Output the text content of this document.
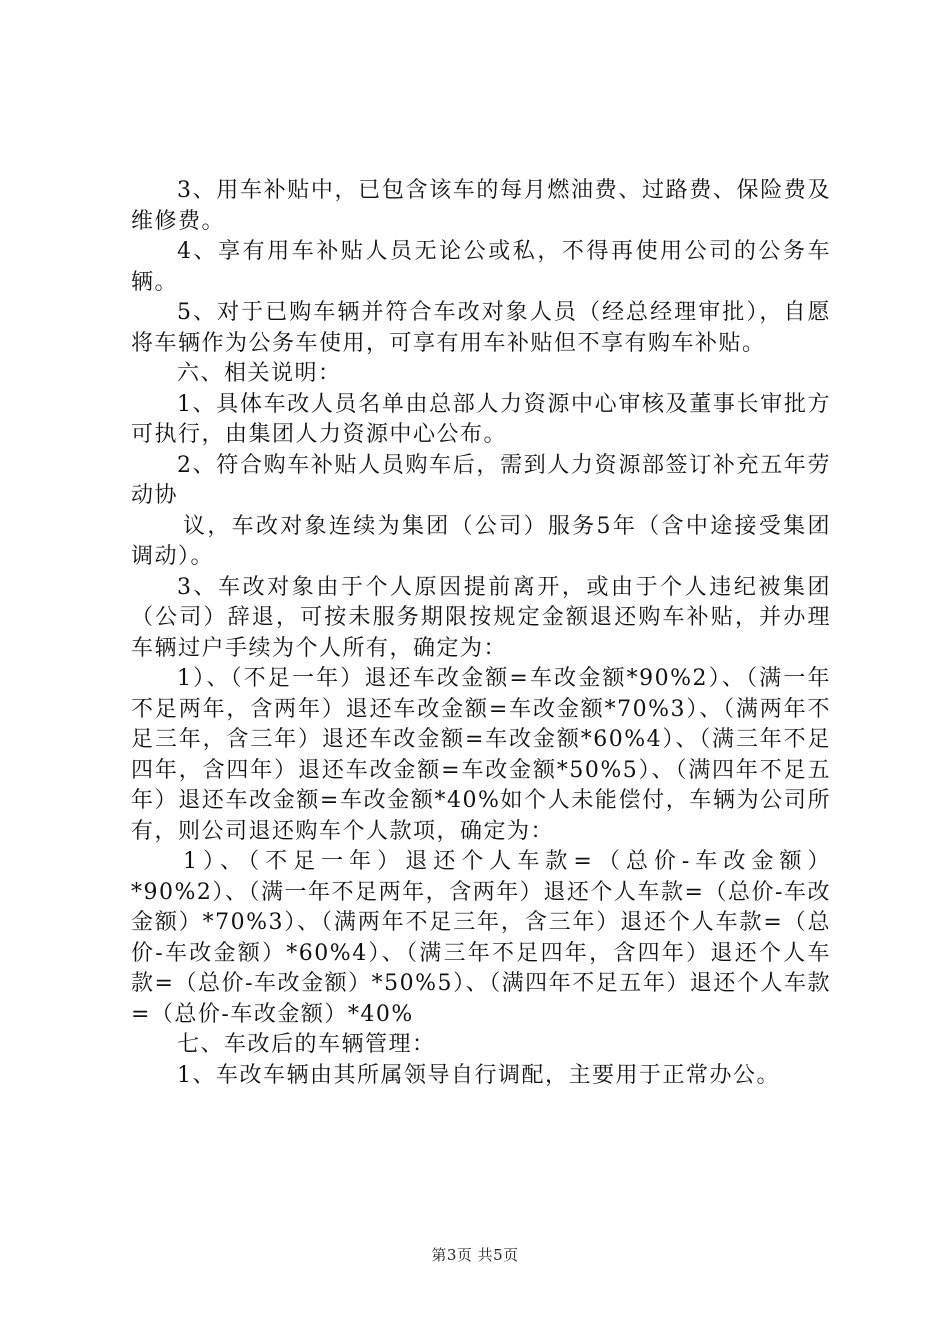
3、用车补贴中，已包含该车的每月燃油费、过路费、保险费及维修费。

4、享有用车补贴人员无论公或私，不得再使用公司的公务车辆。

5、对于已购车辆并符合车改对象人员（经总经理审批），自愿将车辆作为公务车使用，可享有用车补贴但不享有购车补贴。

六、相关说明：

1、具体车改人员名单由总部人力资源中心审核及董事长审批方可执行，由集团人力资源中心公布。

2、符合购车补贴人员购车后，需到人力资源部签订补充五年劳动协

议，车改对象连续为集团（公司）服务5年（含中途接受集团调动）。

3、车改对象由于个人原因提前离开，或由于个人违纪被集团（公司）辞退，可按未服务期限按规定金额退还购车补贴，并办理车辆过户手续为个人所有，确定为：

1）、（不足一年）退还车改金额=车改金额*90%2）、（满一年不足两年，含两年）退还车改金额=车改金额*70%3）、（满两年不足三年，含三年）退还车改金额=车改金额*60%4）、（满三年不足四年，含四年）退还车改金额=车改金额*50%5）、（满四年不足五年）退还车改金额=车改金额*40%如个人未能偿付，车辆为公司所有，则公司退还购车个人款项，确定为：

1）、（不足一年）退还个人车款=（总价-车改金额）*90%2）、（满一年不足两年，含两年）退还个人车款=（总价-车改金额）*70%3）、（满两年不足三年，含三年）退还个人车款=（总价-车改金额）*60%4）、（满三年不足四年，含四年）退还个人车款=（总价-车改金额）*50%5）、（满四年不足五年）退还个人车款=（总价-车改金额）*40%

七、车改后的车辆管理：

1、车改车辆由其所属领导自行调配，主要用于正常办公。

第3页 共5页
